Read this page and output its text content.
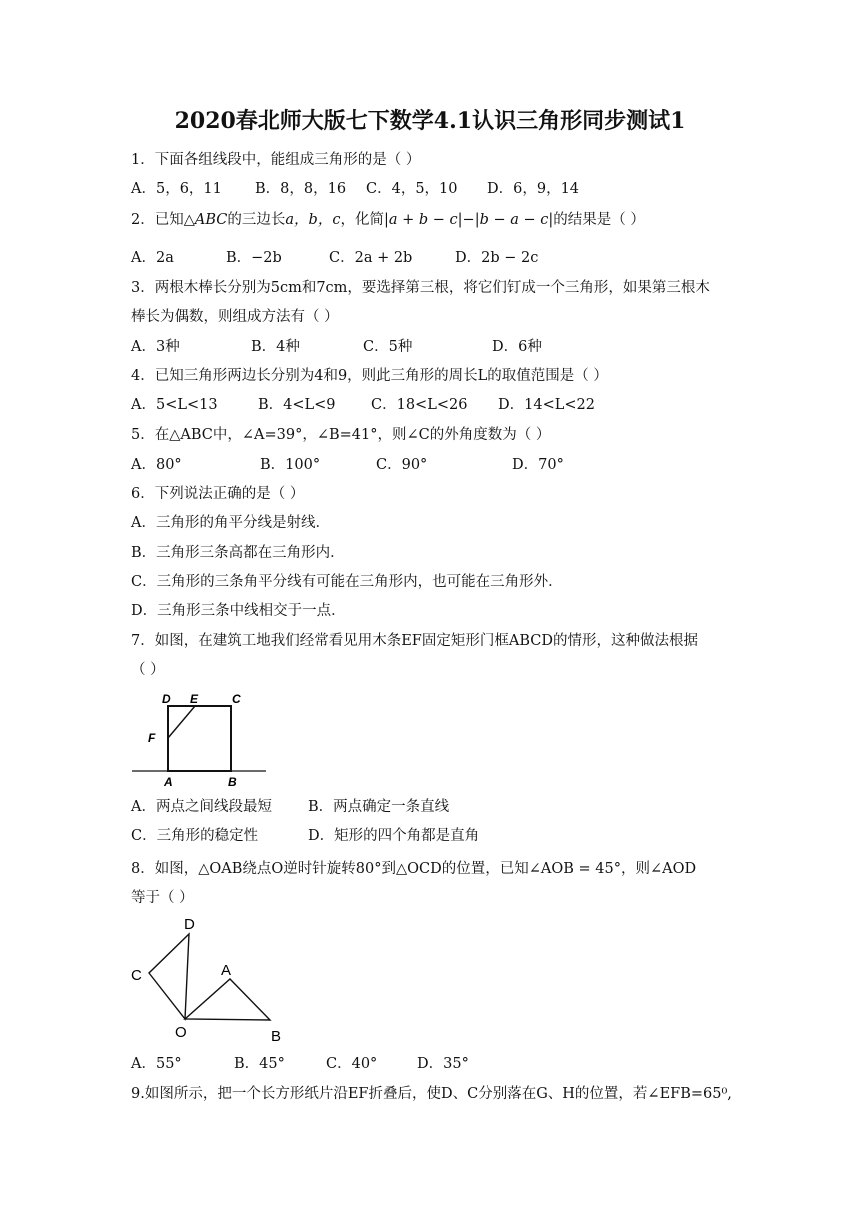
2020春北师大版七下数学4.1认识三角形同步测试1
1．下面各组线段中，能组成三角形的是（ ）
A．5，6，11 B．8，8，16 C．4，5，10 D．6，9，14
2．已知△ABC的三边长a，b，c，化简|a + b − c|−|b − a − c|的结果是（ ）
A．2a	B．−2b	C．2a + 2b	D．2b − 2c
3．两根木棒长分别为5cm和7cm，要选择第三根，将它们钉成一个三角形，如果第三根木
棒长为偶数，则组成方法有（ ）
A．3种	B．4种	C．5种	D．6种
4．已知三角形两边长分别为4和9，则此三角形的周长L的取值范围是（ ）
A．5<L<13	B．4<L<9 C．18<L<26 D．14<L<22
5．在△ABC中，∠A=39°，∠B=41°，则∠C的外角度数为（ ）
A．80°	B．100°	C．90°	D．70°
6．下列说法正确的是（ ）
A．三角形的角平分线是射线．
B．三角形三条高都在三角形内．
C．三角形的三条角平分线有可能在三角形内，也可能在三角形外．
D．三角形三条中线相交于一点．
7．如图，在建筑工地我们经常看见用木条EF固定矩形门框ABCD的情形，这种做法根据
（ ）
D E	C
F
A	B
A．两点之间线段最短 B．两点确定一条直线
C．三角形的稳定性	D．矩形的四个角都是直角
8．如图，△OAB绕点O逆时针旋转80°到△OCD的位置，已知∠AOB = 45°，则∠AOD
等于（ ）
D
C	A
O	B
A．55°	B．45°	C．40°	D．35°
9.如图所示，把一个长方形纸片沿EF折叠后，使D、C分别落在G、H的位置，若∠EFB=65⁰,
